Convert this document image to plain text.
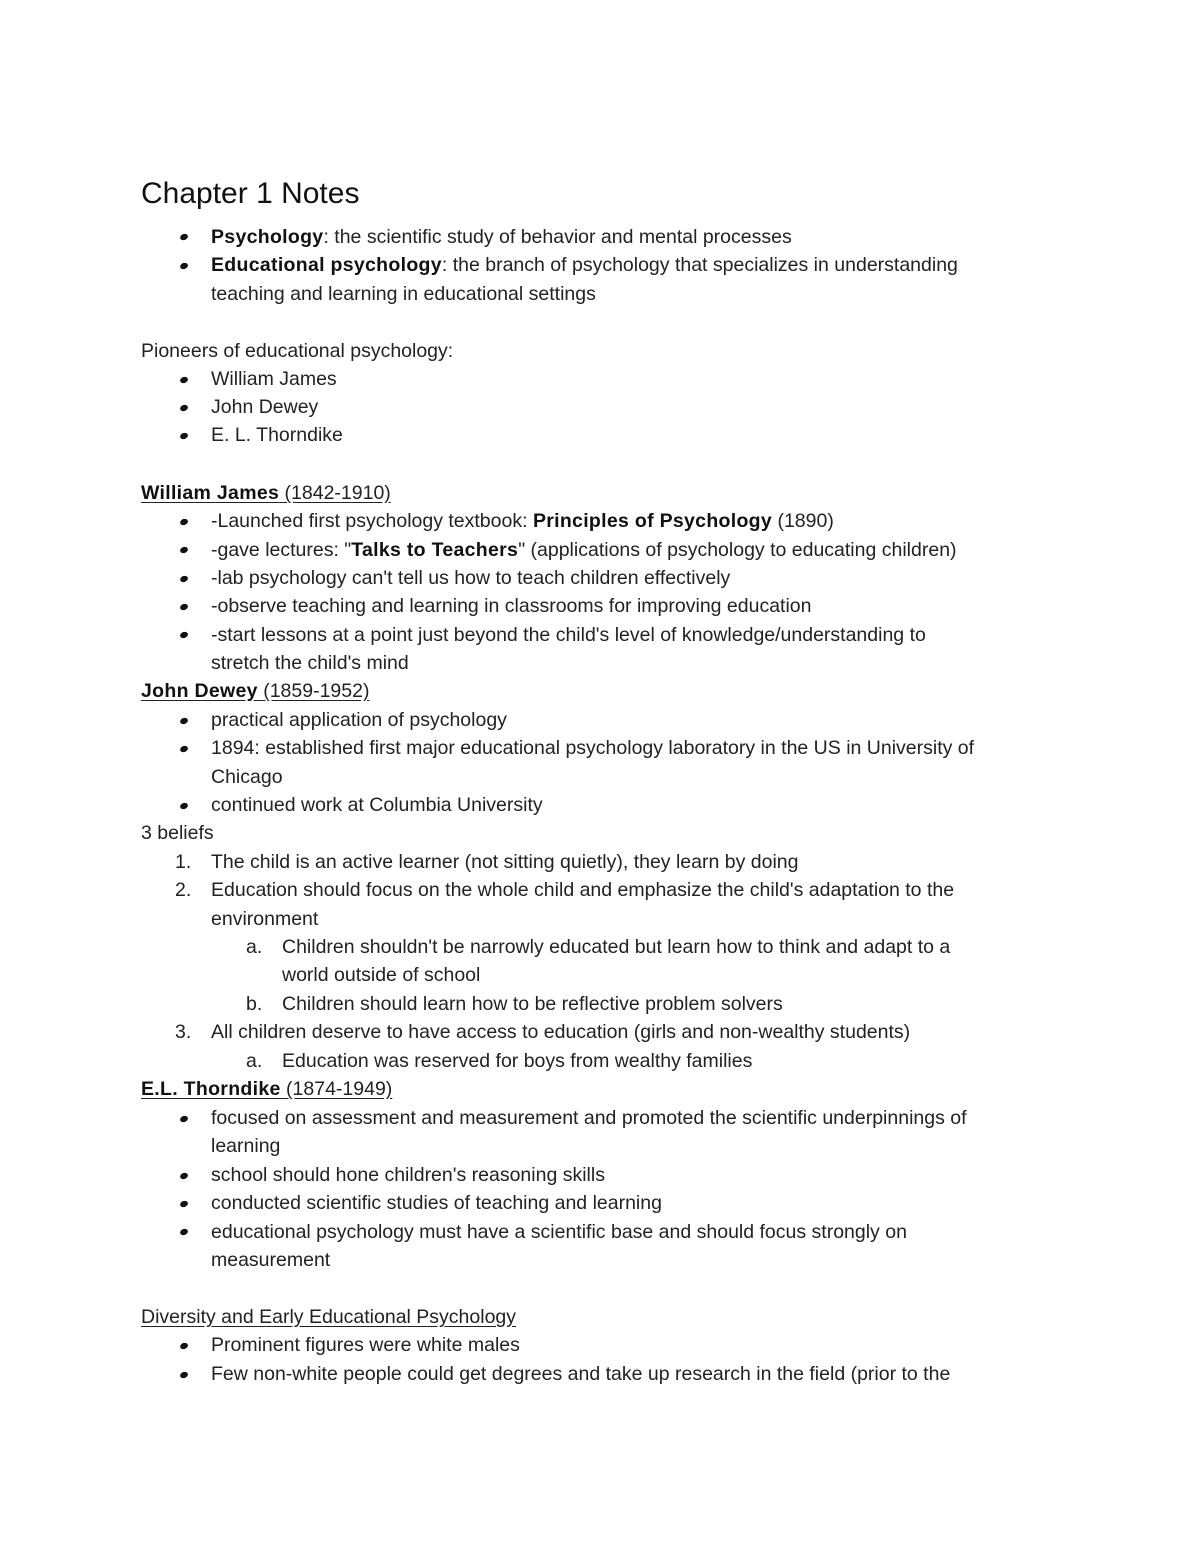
Chapter 1 Notes
Psychology: the scientific study of behavior and mental processes
Educational psychology: the branch of psychology that specializes in understanding
teaching and learning in educational settings
Pioneers of educational psychology:
William James
John Dewey
E. L. Thorndike
William James (1842-1910)
-Launched first psychology textbook: Principles of Psychology (1890)
-gave lectures: "Talks to Teachers" (applications of psychology to educating children)
-lab psychology can't tell us how to teach children effectively
-observe teaching and learning in classrooms for improving education
-start lessons at a point just beyond the child's level of knowledge/understanding to
stretch the child's mind
John Dewey (1859-1952)
practical application of psychology
1894: established first major educational psychology laboratory in the US in University of
Chicago
continued work at Columbia University
3 beliefs
1. The child is an active learner (not sitting quietly), they learn by doing
2. Education should focus on the whole child and emphasize the child's adaptation to the
environment
a. Children shouldn't be narrowly educated but learn how to think and adapt to a
world outside of school
b. Children should learn how to be reflective problem solvers
3. All children deserve to have access to education (girls and non-wealthy students)
a. Education was reserved for boys from wealthy families
E.L. Thorndike (1874-1949)
focused on assessment and measurement and promoted the scientific underpinnings of
learning
school should hone children's reasoning skills
conducted scientific studies of teaching and learning
educational psychology must have a scientific base and should focus strongly on
measurement
Diversity and Early Educational Psychology
Prominent figures were white males
Few non-white people could get degrees and take up research in the field (prior to the
